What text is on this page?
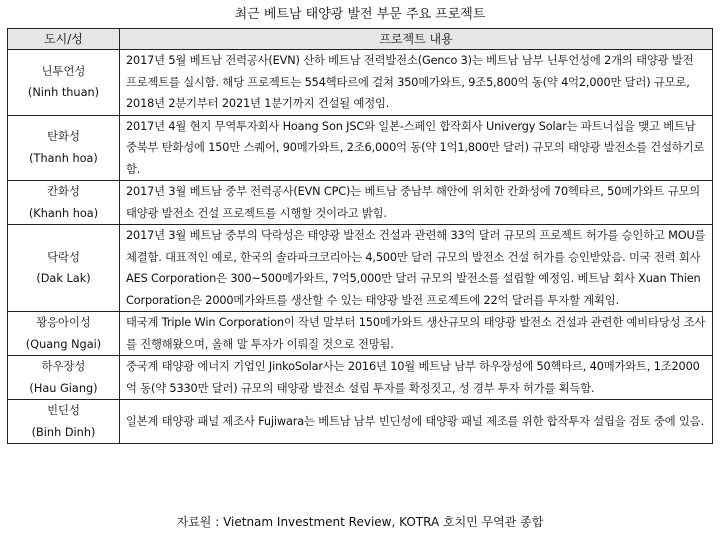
최근 베트남 태양광 발전 부문 주요 프로젝트
도시/성	프로젝트 내용

닌투언성
(Ninh thuan)	2017년 5월 베트남 전력공사(EVN) 산하 베트남 전력발전소(Genco 3)는 베트남 남부 닌투언성에 2개의 태양광 발전 프로젝트를 실시함. 해당 프로젝트는 554헥타르에 걸쳐 350메가와트, 9조5,800억 동(약 4억2,000만 달러) 규모로, 2018년 2분기부터 2021년 1분기까지 건설될 예정임.

탄화성
(Thanh hoa)	2017년 4월 현지 무역투자회사 Hoang Son JSC와 일본-스페인 합작회사 Univergy Solar는 파트너십을 맺고 베트남 중북부 탄화성에 150만 스퀘어, 90메가와트, 2조6,000억 동(약 1억1,800만 달러) 규모의 태양광 발전소를 건설하기로 함.

칸화성
(Khanh hoa)	2017년 3월 베트남 중부 전력공사(EVN CPC)는 베트남 중남부 해안에 위치한 칸화성에 70헥타르, 50메가와트 규모의 태양광 발전소 건설 프로젝트를 시행할 것이라고 밝힘.

닥락성
(Dak Lak)	2017년 3월 베트남 중부의 닥락성은 태양광 발전소 건설과 관련해 33억 달러 규모의 프로젝트 허가를 승인하고 MOU를 체결함. 대표적인 예로, 한국의 솔라파크코리아는 4,500만 달러 규모의 발전소 건설 허가를 승인받았음. 미국 전력 회사 AES Corporation은 300~500메가와트, 7억5,000만 달러 규모의 발전소를 설립할 예정임. 베트남 회사 Xuan Thien Corporation은 2000메가와트를 생산할 수 있는 태양광 발전 프로젝트에 22억 달러를 투자할 계획임.

꽝응아이성
(Quang Ngai)	태국계 Triple Win Corporation이 작년 말부터 150메가와트 생산규모의 태양광 발전소 건설과 관련한 예비타당성 조사를 진행해왔으며, 올해 말 투자가 이뤄질 것으로 전망됨.

하우장성
(Hau Giang)	중국계 태양광 에너지 기업인 JinkoSolar사는 2016년 10월 베트남 남부 하우장성에 50헥타르, 40메가와트, 1조2000억 동(약 5330만 달러) 규모의 태양광 발전소 설립 투자를 확정짓고, 성 경부 투자 허가를 획득함.

빈딘성
(Binh Dinh)	일본계 태양광 패널 제조사 Fujiwara는 베트남 남부 빈딘성에 태양광 패널 제조를 위한 합작투자 설립을 검토 중에 있음.
자료원 : Vietnam Investment Review, KOTRA 호치민 무역관 종합
